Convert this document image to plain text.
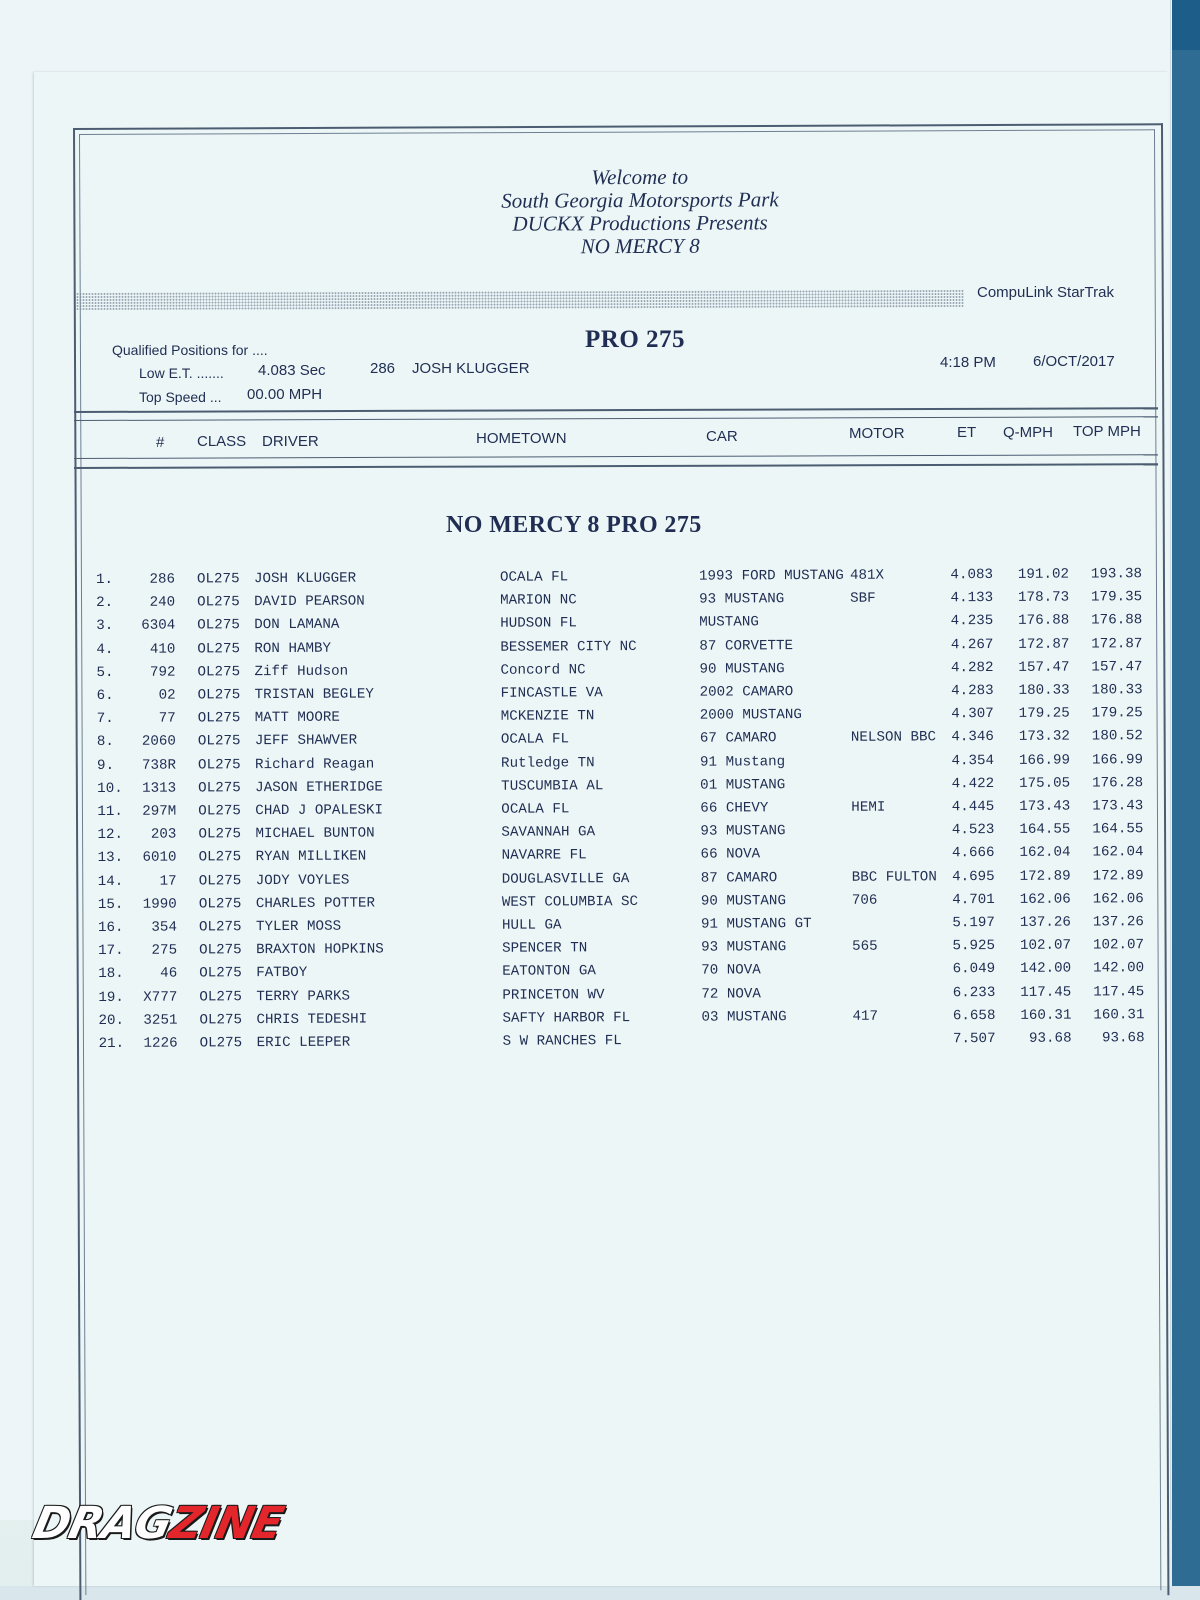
Welcome to
South Georgia Motorsports Park
DUCKX Productions Presents
NO MERCY 8
CompuLink StarTrak
PRO 275
Qualified Positions for ....
Low E.T. ....... 4.083 Sec	286 JOSH KLUGGER
Top Speed ... 00.00 MPH
4:18 PM 6/OCT/2017
# CLASS DRIVER	HOMETOWN	CAR	MOTOR	ET Q-MPH TOP MPH
NO MERCY 8 PRO 275
1.	286 OL275 JOSH KLUGGER	OCALA FL	1993 FORD MUSTANG 481X	4.083	191.02	193.38
2.	240 OL275 DAVID PEARSON	MARION NC	93 MUSTANG	SBF	4.133	178.73	179.35
3.	6304 OL275 DON LAMANA	HUDSON FL	MUSTANG	4.235	176.88	176.88
4.	410 OL275 RON HAMBY	BESSEMER CITY NC	87 CORVETTE	4.267	172.87	172.87
5.	792 OL275 Ziff Hudson	Concord NC	90 MUSTANG	4.282	157.47	157.47
6.	02 OL275 TRISTAN BEGLEY	FINCASTLE VA	2002 CAMARO	4.283	180.33	180.33
7.	77 OL275 MATT MOORE	MCKENZIE TN	2000 MUSTANG	4.307	179.25	179.25
8.	2060 OL275 JEFF SHAWVER	OCALA FL	67 CAMARO	NELSON BBC	4.346	173.32	180.52
9.	738R OL275 Richard Reagan	Rutledge TN	91 Mustang	4.354	166.99	166.99
10.	1313 OL275 JASON ETHERIDGE	TUSCUMBIA AL	01 MUSTANG	4.422	175.05	176.28
11.	297M OL275 CHAD J OPALESKI	OCALA FL	66 CHEVY	HEMI	4.445	173.43	173.43
12.	203 OL275 MICHAEL BUNTON	SAVANNAH GA	93 MUSTANG	4.523	164.55	164.55
13.	6010 OL275 RYAN MILLIKEN	NAVARRE FL	66 NOVA	4.666	162.04	162.04
14.	17 OL275 JODY VOYLES	DOUGLASVILLE GA	87 CAMARO	BBC FULTON	4.695	172.89	172.89
15.	1990 OL275 CHARLES POTTER	WEST COLUMBIA SC	90 MUSTANG	706	4.701	162.06	162.06
16.	354 OL275 TYLER MOSS	HULL GA	91 MUSTANG GT	5.197	137.26	137.26
17.	275 OL275 BRAXTON HOPKINS	SPENCER TN	93 MUSTANG	565	5.925	102.07	102.07
18.	46 OL275 FATBOY	EATONTON GA	70 NOVA	6.049	142.00	142.00
19.	X777 OL275 TERRY PARKS	PRINCETON WV	72 NOVA	6.233	117.45	117.45
20.	3251 OL275 CHRIS TEDESHI	SAFTY HARBOR FL	03 MUSTANG	417	6.658	160.31	160.31
21.	1226 OL275 ERIC LEEPER	S W RANCHES FL	7.507	93.68	93.68
DRAGZINE
